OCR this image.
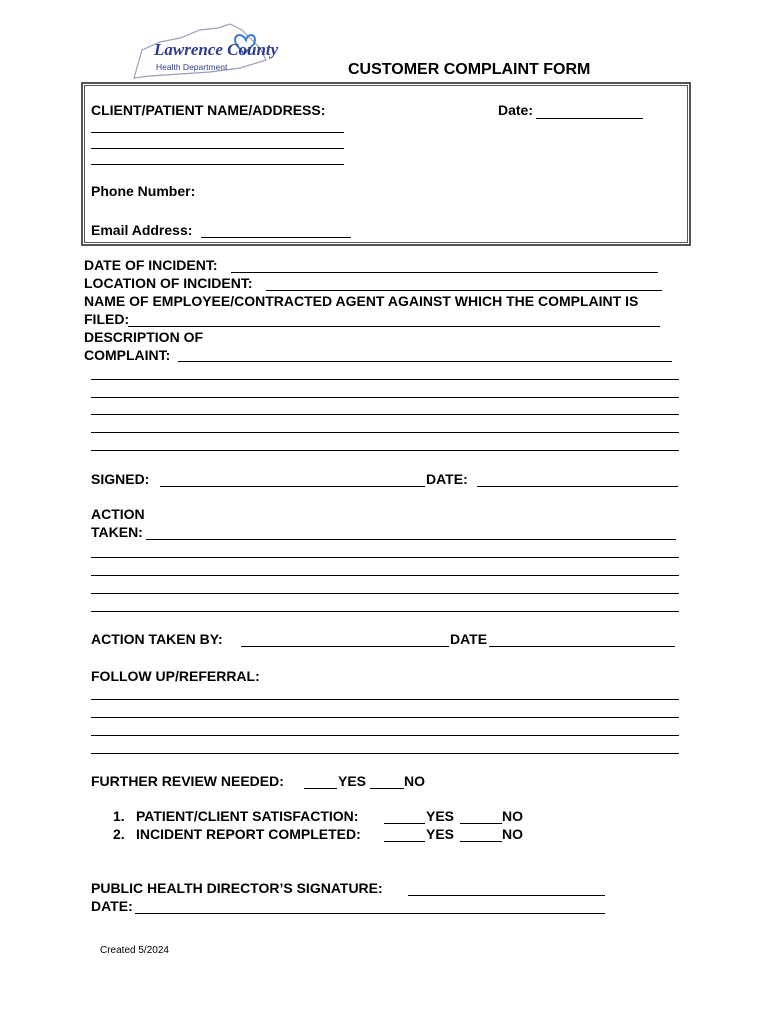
Lawrence County
Health Department	CUSTOMER COMPLAINT FORM
CLIENT/PATIENT NAME/ADDRESS:	Date:
Phone Number:
Email Address:
DATE OF INCIDENT:
LOCATION OF INCIDENT:
NAME OF EMPLOYEE/CONTRACTED AGENT AGAINST WHICH THE COMPLAINT IS
FILED:
DESCRIPTION OF
COMPLAINT:
SIGNED:	DATE:
ACTION
TAKEN:
ACTION TAKEN BY:	DATE
FOLLOW UP/REFERRAL:
FURTHER REVIEW NEEDED:	YES	NO
1. PATIENT/CLIENT SATISFACTION:	YES	NO
2. INCIDENT REPORT COMPLETED:	YES	NO
PUBLIC HEALTH DIRECTOR’S SIGNATURE:
DATE:
Created 5/2024
